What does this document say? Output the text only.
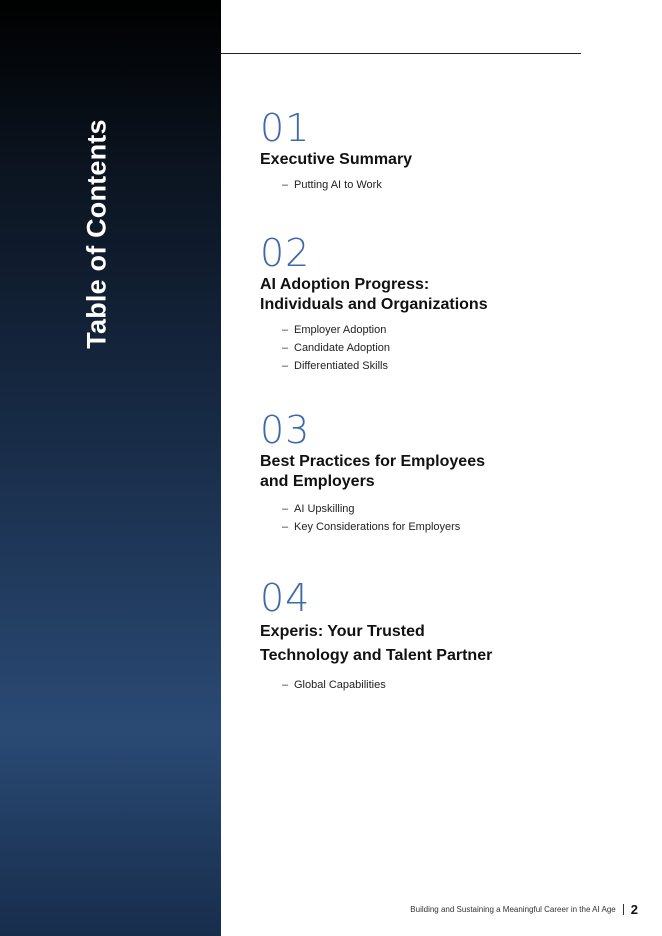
Table of Contents	01
Executive Summary
– Putting AI to Work
02
AI Adoption Progress:
Individuals and Organizations
– Employer Adoption
– Candidate Adoption
– Differentiated Skills
03
Best Practices for Employees
and Employers
– AI Upskilling
– Key Considerations for Employers
04
Experis: Your Trusted
Technology and Talent Partner
– Global Capabilities
Building and Sustaining a Meaningful Career in the AI Age 2
